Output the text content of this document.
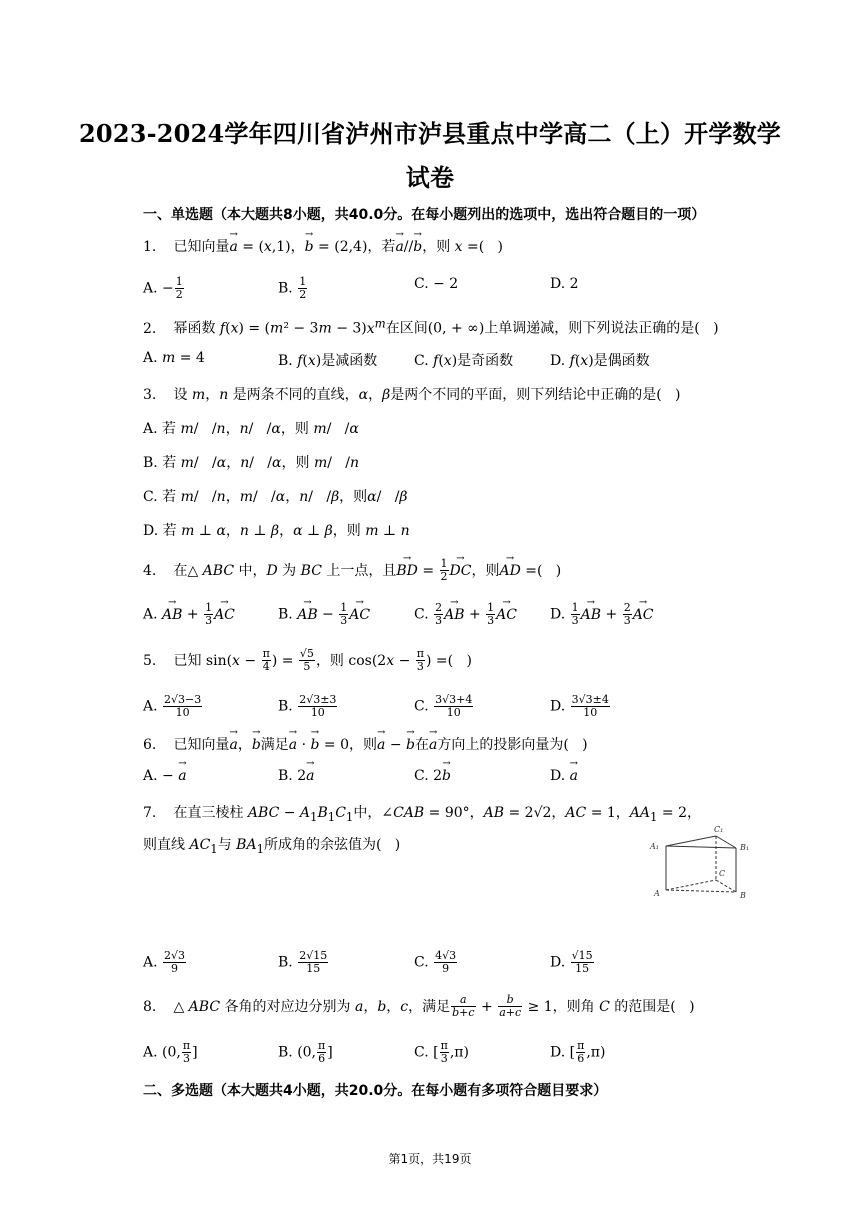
2023-2024学年四川省泸州市泸县重点中学高二（上）开学数学
试卷
一、单选题（本大题共8小题，共40.0分。在每小题列出的选项中，选出符合题目的一项）
1. 已知向量→ a = (x,1)，→ b = (2,4)，若→ a//→ b，则 x =(   )
A. − $\frac{1}{2}$	B. $\frac{1}{2}$	C. − 2	D. 2
2. 幂函数 $f(x) = (m^2 - 3m - 3)x^m$在区间(0, + ∞)上单调递减，则下列说法正确的是(   )
A. m = 4	B. f(x)是减函数	C. f(x)是奇函数	D. f(x)是偶函数
3. 设 m，n 是两条不同的直线，α，β是两个不同的平面，则下列结论中正确的是(   )
A. 若 m/   /n，n/   /α，则 m/   /α
B. 若 m/   /α，n/   /α，则 m/   /n
C. 若 m/   /n，m/   /α，n/   /β，则α/   /β
D. 若 m ⊥ α，n ⊥ β，α ⊥ β，则 m ⊥ n
4. 在△ ABC 中，D 为 BC 上一点，且→ BD = $\frac{1}{2}$ → DC，则→ AD =(   )
A. → AB + $\frac{1}{3}$ → AC	B. → AB − $\frac{1}{3}$ → AC	C. $\frac{2}{3}$ → AB + $\frac{1}{3}$ → AC D. $\frac{1}{3}$ → AB + $\frac{2}{3}$ → AC
5. 已知 $\sin(x - \frac{\pi}{4}$ ) = $\frac{√5}{5}$ ，则 $\cos(2x - \frac{\pi}{3}$ ) =(   )
A. $\frac{2√3-3}{10}$	B. $\frac{2√3\pm 3}{10}$	C. $\frac{3√3+4}{10}$	D. $\frac{3√3\pm 4}{10}$
6. 已知向量→ a，→ b满足→ a · → b = 0，则→ a − → b在→ a方向上的投影向量为(   )
A. − → a	B. 2→ a	C. 2→ b	D. → a
7. 在直三棱柱 ABC − $A_1B_1C_1$中，∠CAB = 90°，AB = 2√2，AC = 1，$AA_1 = 2$，
则直线 $AC_1$与 $BA_1$所成角的余弦值为(   )
C₁
A₁	B₁
C
A	B
A. $\frac{2√3}{9}$	B. $\frac{2√15}{15}$	C. $\frac{4√3}{9}$	D. $\frac{√15}{15}$
8. △ ABC 各角的对应边分别为 a，b，c，满足 $\frac{a}{b+c} + \frac{b}{a+c} \ge 1$，则角 C 的范围是(   )
A. (0, $\frac{\pi}{3}$ ]	B. (0, $\frac{\pi}{6}$ ]	C. [ $\frac{\pi}{3} ,\pi$)	D. [ $\frac{\pi}{6} ,\pi$)
二、多选题（本大题共4小题，共20.0分。在每小题有多项符合题目要求）
第1页，共19页
